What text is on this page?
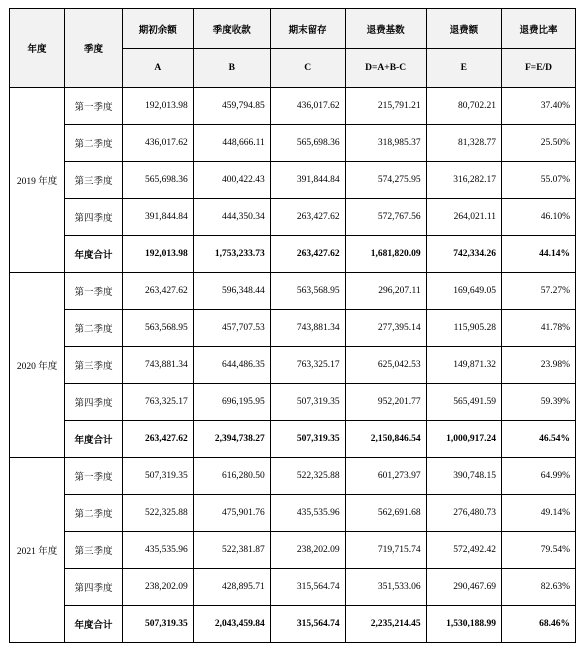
年度	季度	期初余额	季度收款	期末留存	退费基数	退费额	退费比率
		A	B	C	D=A+B-C	E	F=E/D
2019 年度	第一季度	192,013.98	459,794.85	436,017.62	215,791.21	80,702.21	37.40%
	第二季度	436,017.62	448,666.11	565,698.36	318,985.37	81,328.77	25.50%
	第三季度	565,698.36	400,422.43	391,844.84	574,275.95	316,282.17	55.07%
	第四季度	391,844.84	444,350.34	263,427.62	572,767.56	264,021.11	46.10%
	年度合计	192,013.98	1,753,233.73	263,427.62	1,681,820.09	742,334.26	44.14%
2020 年度	第一季度	263,427.62	596,348.44	563,568.95	296,207.11	169,649.05	57.27%
	第二季度	563,568.95	457,707.53	743,881.34	277,395.14	115,905.28	41.78%
	第三季度	743,881.34	644,486.35	763,325.17	625,042.53	149,871.32	23.98%
	第四季度	763,325.17	696,195.95	507,319.35	952,201.77	565,491.59	59.39%
	年度合计	263,427.62	2,394,738.27	507,319.35	2,150,846.54	1,000,917.24	46.54%
2021 年度	第一季度	507,319.35	616,280.50	522,325.88	601,273.97	390,748.15	64.99%
	第二季度	522,325.88	475,901.76	435,535.96	562,691.68	276,480.73	49.14%
	第三季度	435,535.96	522,381.87	238,202.09	719,715.74	572,492.42	79.54%
	第四季度	238,202.09	428,895.71	315,564.74	351,533.06	290,467.69	82.63%
	年度合计	507,319.35	2,043,459.84	315,564.74	2,235,214.45	1,530,188.99	68.46%
